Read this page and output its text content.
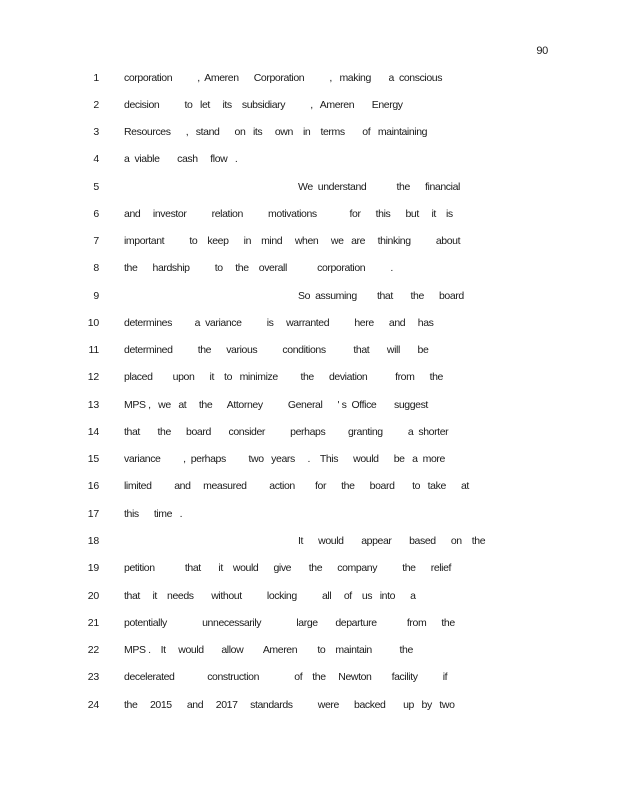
90
1 corporation          ,  Ameren      Corporation          ,   making       a  conscious
2 decision          to   let     its    subsidiary          ,   Ameren       Energy
3 Resources      ,   stand      on   its     own    in    terms       of   maintaining
4 a  viable       cash     flow   .
5	We  understand            the      financial
6 and     investor          relation          motivations             for      this      but     it    is
7 important          to    keep      in    mind     when     we   are     thinking          about
8 the      hardship          to     the    overall            corporation          .
9	So  assuming        that       the      board
10 determines         a  variance          is     warranted          here      and     has
11 determined          the      various          conditions           that       will       be
12 placed        upon      it    to   minimize         the      deviation           from      the
13 MPS ,   we   at     the      Attorney          General      ' s  Office       suggest
14 that       the      board       consider          perhaps         granting          a  shorter
15 variance         ,  perhaps         two   years     .    This      would      be   a  more
16 limited         and     measured         action        for      the      board       to   take      at
17 this      time   .
18	It      would       appear       based      on    the
19 petition            that       it    would      give       the      company          the      relief
20 that     it    needs       without          locking          all     of    us   into      a
21 potentially              unnecessarily              large       departure            from      the
22 MPS .    It     would       allow        Ameren        to    maintain           the
23 decelerated             construction              of    the     Newton        facility          if
24 the     2015      and     2017     standards          were      backed       up   by   two
